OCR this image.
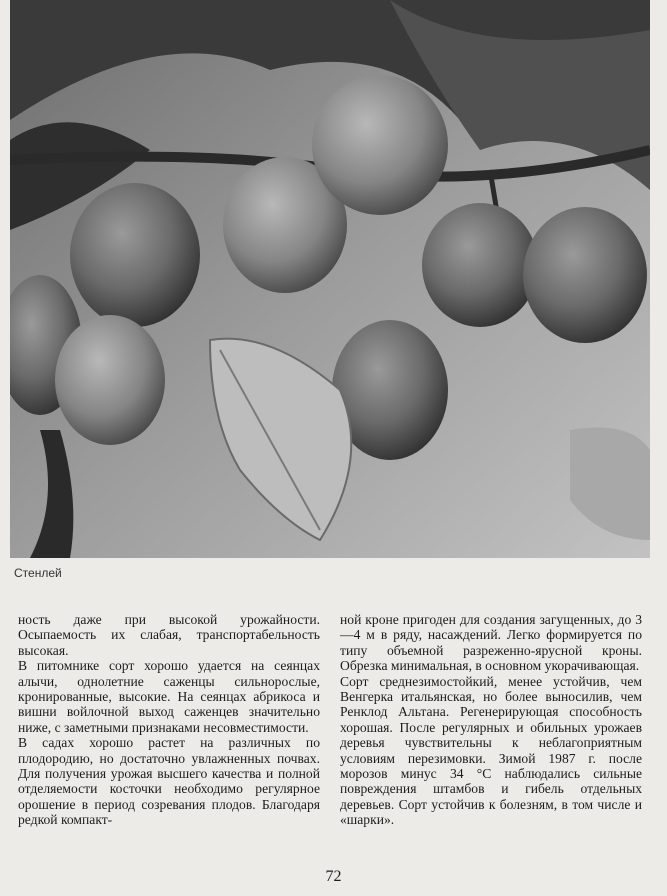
Стенлей

ность даже при высокой урожайности. Осыпаемость их слабая, транспортабельность высокая.

В питомнике сорт хорошо удается на сеянцах алычи, однолетние саженцы сильнорослые, кронированные, высокие. На сеянцах абрикоса и вишни войлочной выход саженцев значительно ниже, с заметными признаками несовместимости.

В садах хорошо растет на различных по плодородию, но достаточно увлажненных почвах. Для получения урожая высшего качества и полной отделяемости косточки необходимо регулярное орошение в период созревания плодов. Благодаря редкой компакт-

ной кроне пригоден для создания загущенных, до 3—4 м в ряду, насаждений. Легко формируется по типу объемной разреженно-ярусной кроны. Обрезка минимальная, в основном укорачивающая.

Сорт среднезимостойкий, менее устойчив, чем Венгерка итальянская, но более выносилив, чем Ренклод Альтана. Регенерирующая способность хорошая. После регулярных и обильных урожаев деревья чувствительны к неблагоприятным условиям перезимовки. Зимой 1987 г. после морозов минус 34 °С наблюдались сильные повреждения штамбов и гибель отдельных деревьев. Сорт устойчив к болезням, в том числе и «шарки».

72
